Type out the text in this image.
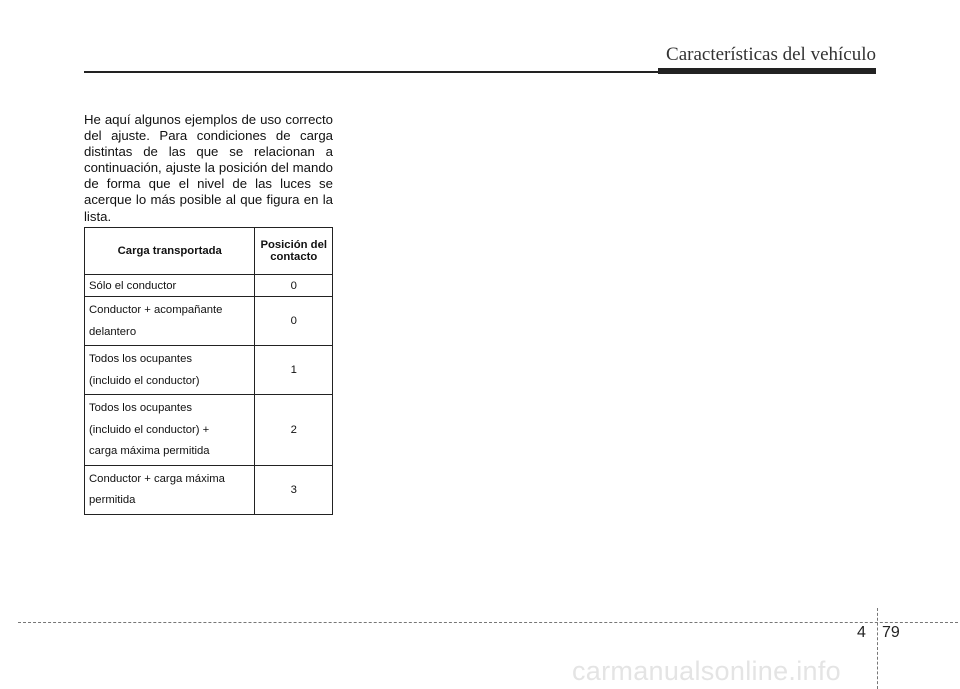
Características del vehículo

He aquí algunos ejemplos de uso correcto del ajuste. Para condiciones de carga distintas de las que se relacionan a continuación, ajuste la posición del mando de forma que el nivel de las luces se acerque lo más posible al que figura en la lista.

Carga transportada	Posición del contacto

Sólo el conductor	0

Conductor + acompañante
delantero	0

Todos los ocupantes
(incluido el conductor)	1

Todos los ocupantes
(incluido el conductor) +
carga máxima permitida	2

Conductor + carga máxima
permitida	3
4 79
carmanualsonline.info
